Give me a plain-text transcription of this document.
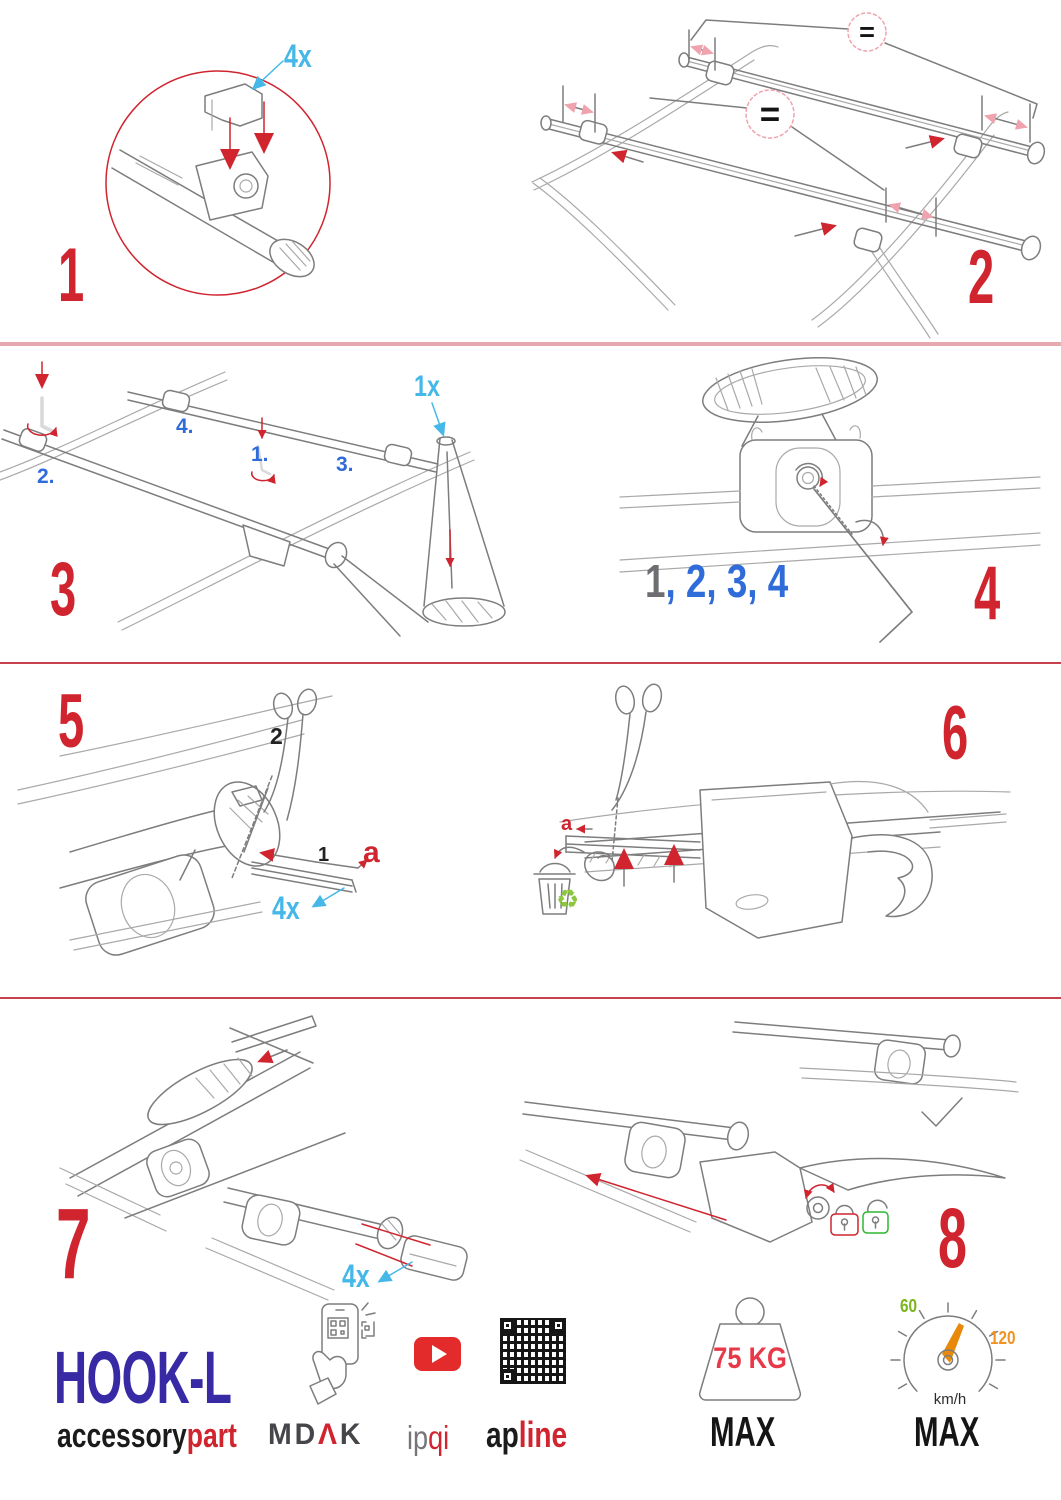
4x
1
=
=
2
1x
2.
4.
1.	3.
3	1, 2, 3, 4 4
2
1 a
4x
5
a
♻
6
4x
7	8
HOOK-L
accessorypart MDΛK ipqi apline
75 KG
MAX
60
120
km/h
MAX
